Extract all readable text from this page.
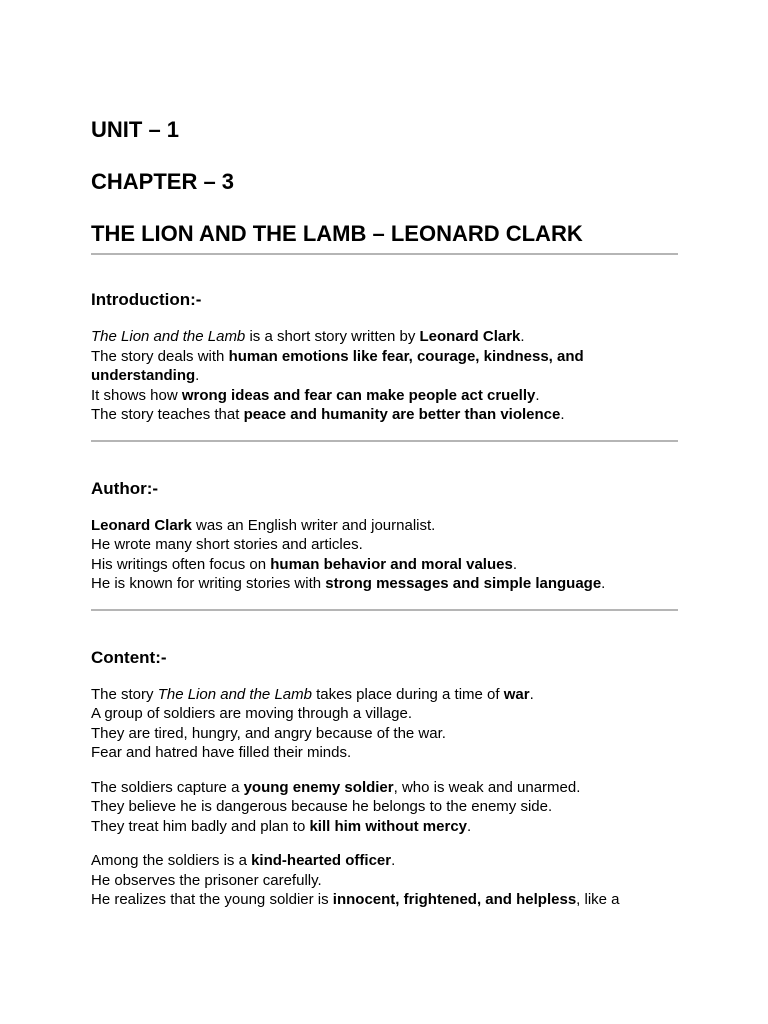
UNIT – 1
CHAPTER – 3
THE LION AND THE LAMB – LEONARD CLARK
Introduction:-

The Lion and the Lamb is a short story written by Leonard Clark.
The story deals with human emotions like fear, courage, kindness, and understanding.
It shows how wrong ideas and fear can make people act cruelly.
The story teaches that peace and humanity are better than violence.

Author:-

Leonard Clark was an English writer and journalist.
He wrote many short stories and articles.
His writings often focus on human behavior and moral values.
He is known for writing stories with strong messages and simple language.

Content:-

The story The Lion and the Lamb takes place during a time of war.
A group of soldiers are moving through a village.
They are tired, hungry, and angry because of the war.
Fear and hatred have filled their minds.

The soldiers capture a young enemy soldier, who is weak and unarmed.
They believe he is dangerous because he belongs to the enemy side.
They treat him badly and plan to kill him without mercy.

Among the soldiers is a kind-hearted officer.
He observes the prisoner carefully.
He realizes that the young soldier is innocent, frightened, and helpless, like a
